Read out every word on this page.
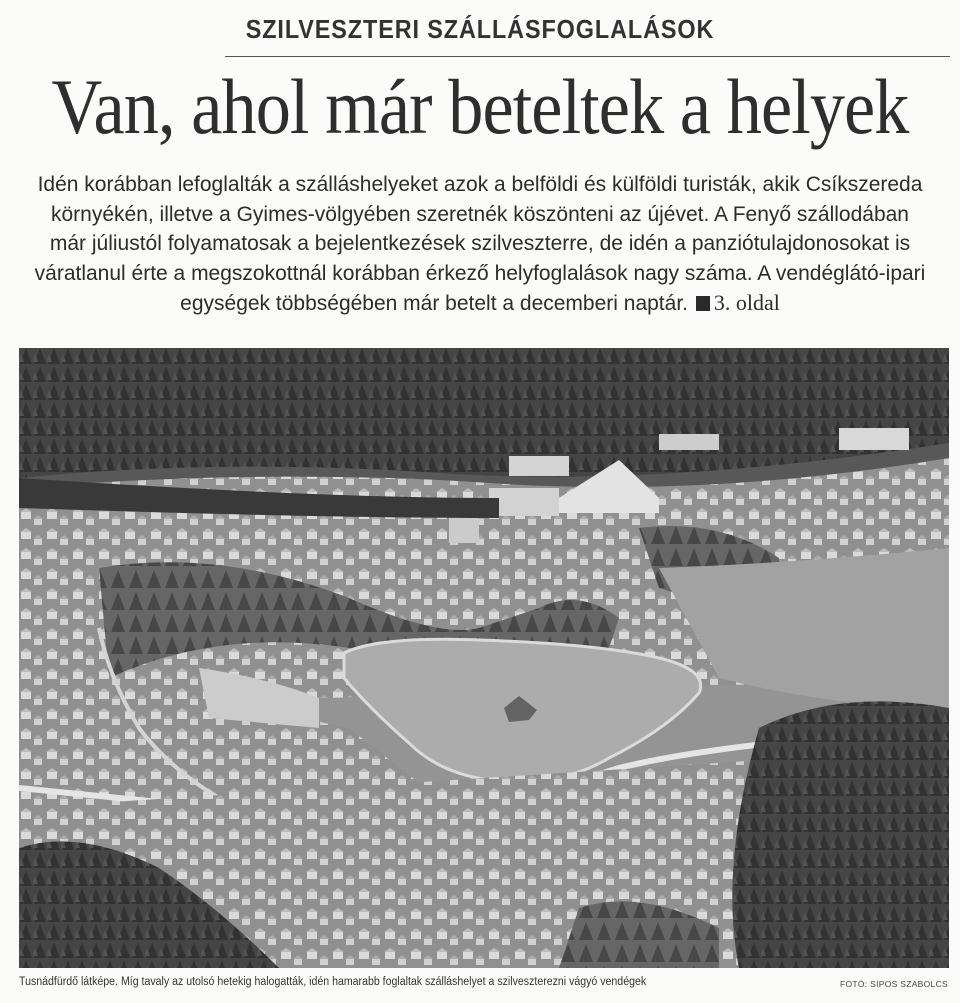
SZILVESZTERI SZÁLLÁSFOGLALÁSOK
Van, ahol már beteltek a helyek
Idén korábban lefoglalták a szálláshelyeket azok a belföldi és külföldi turisták, akik Csíkszereda
környékén, illetve a Gyimes-völgyében szeretnék köszönteni az újévet. A Fenyő szállodában
már júliustól folyamatosak a bejelentkezések szilveszterre, de idén a panziótulajdonosokat is
váratlanul érte a megszokottnál korábban érkező helyfoglalások nagy száma. A vendéglátó-ipari
egységek többségében már betelt a decemberi naptár. 3. oldal
Tusnádfürdő látképe. Míg tavaly az utolsó hetekig halogatták, idén hamarabb foglaltak szálláshelyet a szilveszterezni vágyó vendégek	FOTÓ: SIPOS SZABOLCS
